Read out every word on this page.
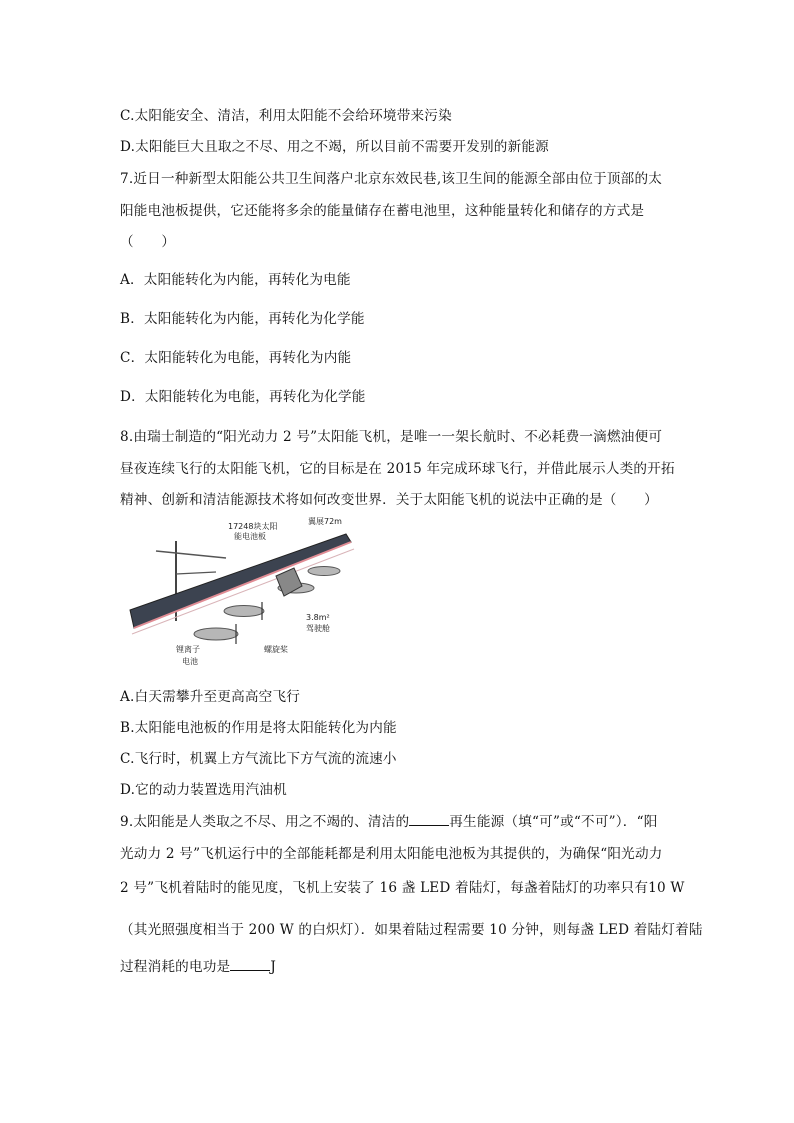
C.太阳能安全、清洁，利用太阳能不会给环境带来污染
D.太阳能巨大且取之不尽、用之不竭，所以目前不需要开发别的新能源
7.近日一种新型太阳能公共卫生间落户北京东效民巷,该卫生间的能源全部由位于顶部的太
阳能电池板提供，它还能将多余的能量储存在蓄电池里，这种能量转化和储存的方式是
（　　）
A．太阳能转化为内能，再转化为电能
B．太阳能转化为内能，再转化为化学能
C．太阳能转化为电能，再转化为内能
D．太阳能转化为电能，再转化为化学能
8.由瑞士制造的“阳光动力 2 号”太阳能飞机，是唯一一架长航时、不必耗费一滴燃油便可
昼夜连续飞行的太阳能飞机，它的目标是在 2015 年完成环球飞行，并借此展示人类的开拓
精神、创新和清洁能源技术将如何改变世界．关于太阳能飞机的说法中正确的是（　　）
17248块太阳
能电池板
翼展72m
3.8m²
驾驶舱
锂离子
电池
螺旋桨
A.白天需攀升至更高高空飞行
B.太阳能电池板的作用是将太阳能转化为内能
C.飞行时，机翼上方气流比下方气流的流速小
D.它的动力装置选用汽油机
9.太阳能是人类取之不尽、用之不竭的、清洁的	再生能源（填“可”或“不可”）．“阳
光动力 2 号”飞机运行中的全部能耗都是利用太阳能电池板为其提供的，为确保“阳光动力
2 号”飞机着陆时的能见度，飞机上安装了 16 盏 LED 着陆灯，每盏着陆灯的功率只有10 W
（其光照强度相当于 200 W 的白炽灯）．如果着陆过程需要 10 分钟，则每盏 LED 着陆灯着陆
过程消耗的电功是	J
